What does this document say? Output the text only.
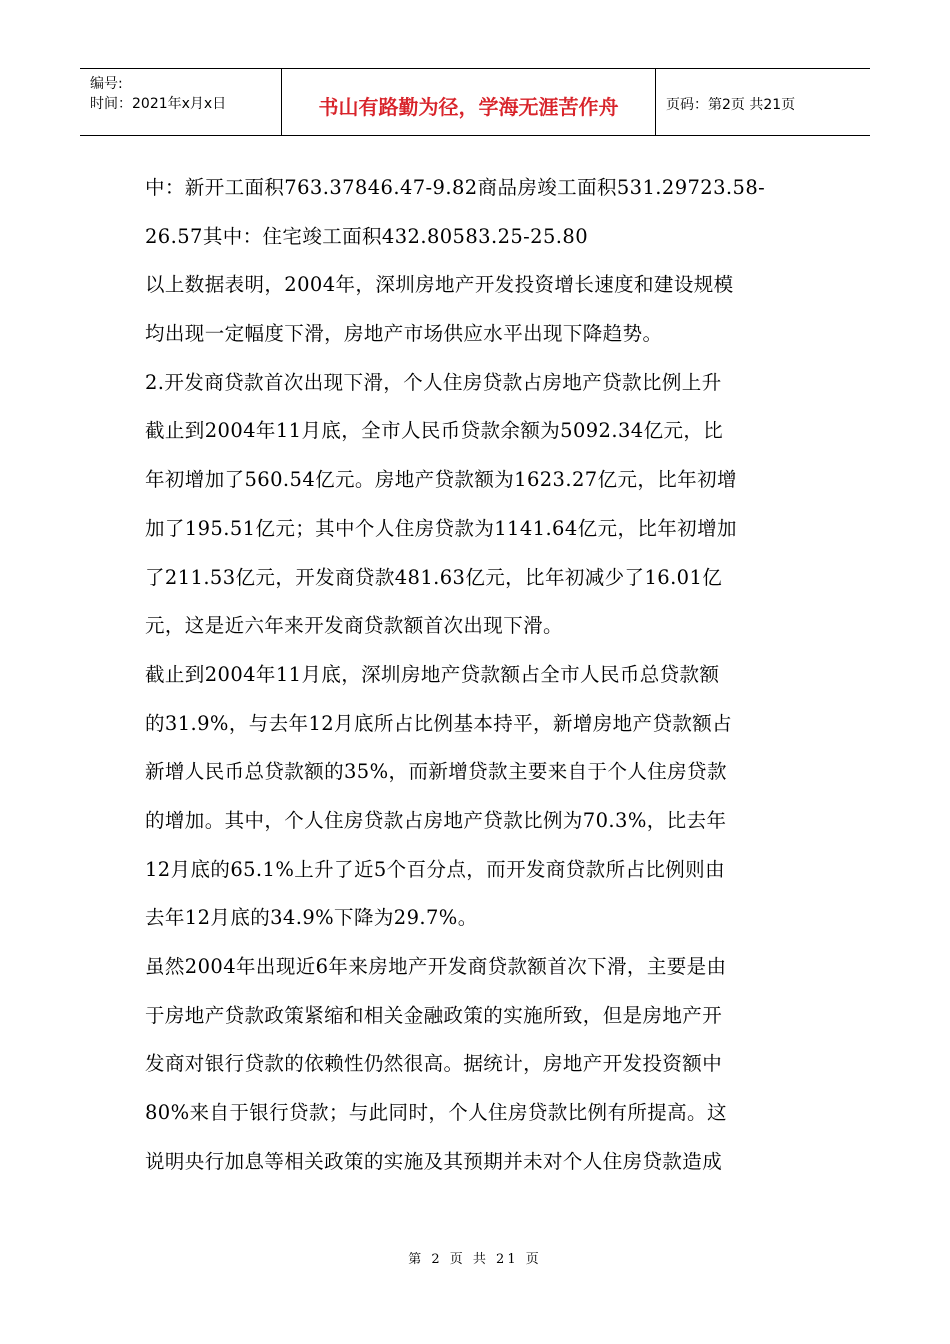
编号:
时间：2021年x月x日	书山有路勤为径，学海无涯苦作舟	页码：第2页 共21页
中：新开工面积763.37846.47-9.82商品房竣工面积531.29723.58-
26.57其中：住宅竣工面积432.80583.25-25.80
以上数据表明，2004年，深圳房地产开发投资增长速度和建设规模
均出现一定幅度下滑，房地产市场供应水平出现下降趋势。
2.开发商贷款首次出现下滑，个人住房贷款占房地产贷款比例上升
截止到2004年11月底，全市人民币贷款余额为5092.34亿元，比
年初增加了560.54亿元。房地产贷款额为1623.27亿元，比年初增
加了195.51亿元；其中个人住房贷款为1141.64亿元，比年初增加
了211.53亿元，开发商贷款481.63亿元，比年初减少了16.01亿
元，这是近六年来开发商贷款额首次出现下滑。
截止到2004年11月底，深圳房地产贷款额占全市人民币总贷款额
的31.9%，与去年12月底所占比例基本持平，新增房地产贷款额占
新增人民币总贷款额的35%，而新增贷款主要来自于个人住房贷款
的增加。其中，个人住房贷款占房地产贷款比例为70.3%，比去年
12月底的65.1%上升了近5个百分点，而开发商贷款所占比例则由
去年12月底的34.9%下降为29.7%。
虽然2004年出现近6年来房地产开发商贷款额首次下滑，主要是由
于房地产贷款政策紧缩和相关金融政策的实施所致，但是房地产开
发商对银行贷款的依赖性仍然很高。据统计，房地产开发投资额中
80%来自于银行贷款；与此同时，个人住房贷款比例有所提高。这
说明央行加息等相关政策的实施及其预期并未对个人住房贷款造成
第 2 页 共 21 页
